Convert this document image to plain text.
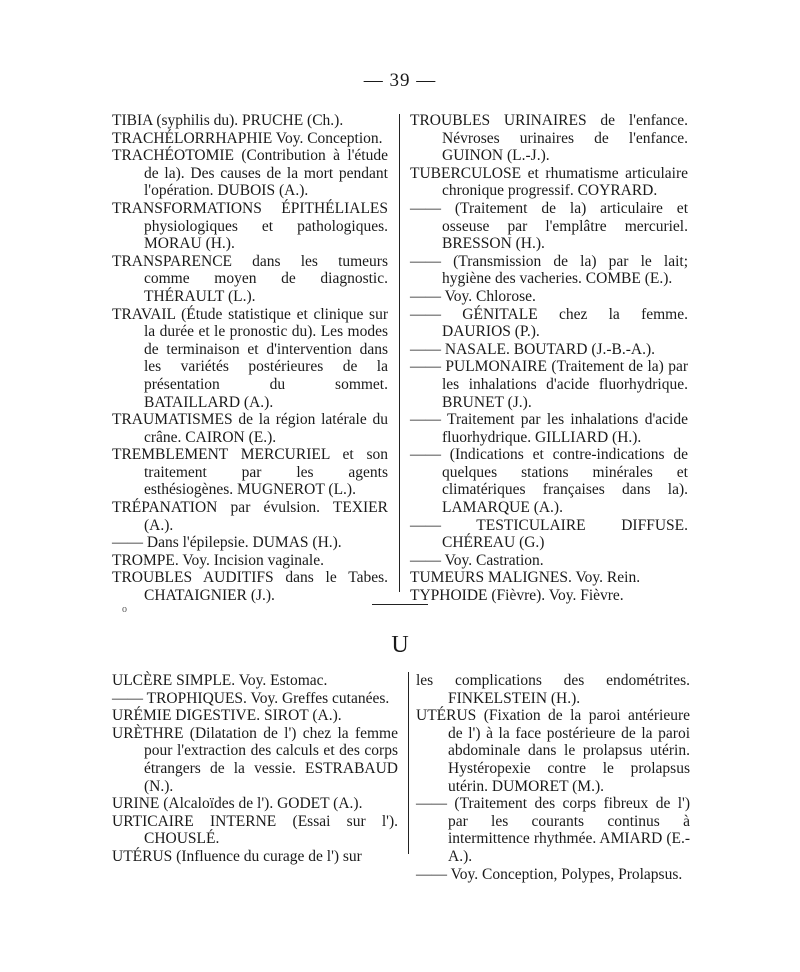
— 39 —

TIBIA (syphilis du). PRUCHE (Ch.).

TRACHÉLORRHAPHIE Voy. Conception.

TRACHÉOTOMIE (Contribution à l'étude de la). Des causes de la mort pendant l'opération. DUBOIS (A.).

TRANSFORMATIONS ÉPITHÉLIALES physiologiques et pathologiques. MORAU (H.).

TRANSPARENCE dans les tumeurs comme moyen de diagnostic. THÉRAULT (L.).

TRAVAIL (Étude statistique et clinique sur la durée et le pronostic du). Les modes de terminaison et d'intervention dans les variétés postérieures de la présentation du sommet. BATAILLARD (A.).

TRAUMATISMES de la région latérale du crâne. CAIRON (E.).

TREMBLEMENT MERCURIEL et son traitement par les agents esthésiogènes. MUGNEROT (L.).

TRÉPANATION par évulsion. TEXIER (A.).

—— Dans l'épilepsie. DUMAS (H.).

TROMPE. Voy. Incision vaginale.

TROUBLES AUDITIFS dans le Tabes. CHATAIGNIER (J.).

TROUBLES URINAIRES de l'enfance. Névroses urinaires de l'enfance. GUINON (L.-J.).

TUBERCULOSE et rhumatisme articulaire chronique progressif. COYRARD.

—— (Traitement de la) articulaire et osseuse par l'emplâtre mercuriel. BRESSON (H.).

—— (Transmission de la) par le lait; hygiène des vacheries. COMBE (E.).

—— Voy. Chlorose.

—— GÉNITALE chez la femme. DAURIOS (P.).

—— NASALE. BOUTARD (J.-B.-A.).

—— PULMONAIRE (Traitement de la) par les inhalations d'acide fluorhydrique. BRUNET (J.).

—— Traitement par les inhalations d'acide fluorhydrique. GILLIARD (H.).

—— (Indications et contre-indications de quelques stations minérales et climatériques françaises dans la). LAMARQUE (A.).

—— TESTICULAIRE DIFFUSE. CHÉREAU (G.)

—— Voy. Castration.

TUMEURS MALIGNES. Voy. Rein.

TYPHOIDE (Fièvre). Voy. Fièvre.

o
U

ULCÈRE SIMPLE. Voy. Estomac.

—— TROPHIQUES. Voy. Greffes cutanées.

URÉMIE DIGESTIVE. SIROT (A.).

URÈTHRE (Dilatation de l') chez la femme pour l'extraction des calculs et des corps étrangers de la vessie. ESTRABAUD (N.).

URINE (Alcaloïdes de l'). GODET (A.).

URTICAIRE INTERNE (Essai sur l'). CHOUSLÉ.

UTÉRUS (Influence du curage de l') sur

les complications des endométrites. FINKELSTEIN (H.).

UTÉRUS (Fixation de la paroi antérieure de l') à la face postérieure de la paroi abdominale dans le prolapsus utérin. Hystéropexie contre le prolapsus utérin. DUMORET (M.).

—— (Traitement des corps fibreux de l') par les courants continus à intermittence rhythmée. AMIARD (E.-A.).

—— Voy. Conception, Polypes, Prolapsus.
